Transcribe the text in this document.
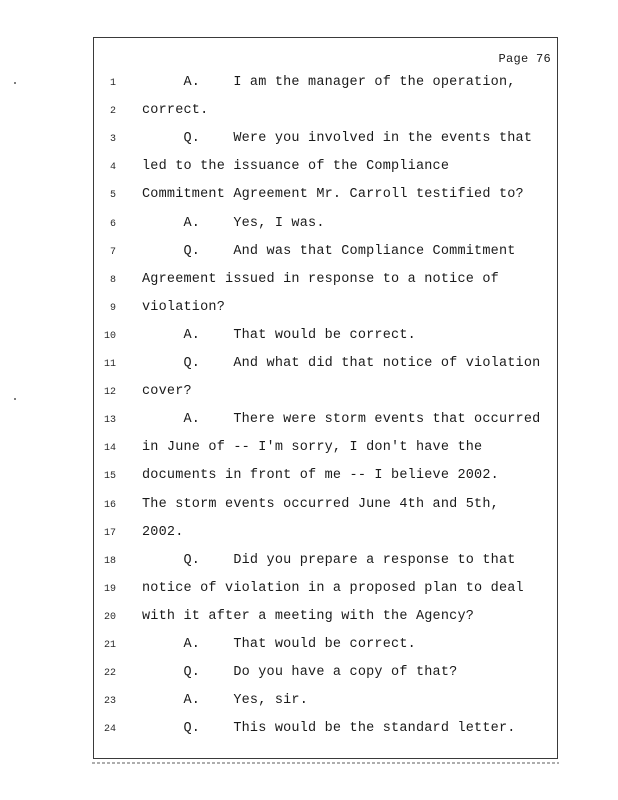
Page 76
1 A.    I am the manager of the operation,
2 correct.
3 Q.    Were you involved in the events that
4 led to the issuance of the Compliance
5 Commitment Agreement Mr. Carroll testified to?
6 A.    Yes, I was.
7 Q.    And was that Compliance Commitment
8 Agreement issued in response to a notice of
9 violation?
10 A.    That would be correct.
11 Q.    And what did that notice of violation
12 cover?
13 A.    There were storm events that occurred
14 in June of -- I'm sorry, I don't have the
15 documents in front of me -- I believe 2002.
16 The storm events occurred June 4th and 5th,
17 2002.
18 Q.    Did you prepare a response to that
19 notice of violation in a proposed plan to deal
20 with it after a meeting with the Agency?
21 A.    That would be correct.
22 Q.    Do you have a copy of that?
23 A.    Yes, sir.
24 Q.    This would be the standard letter.
